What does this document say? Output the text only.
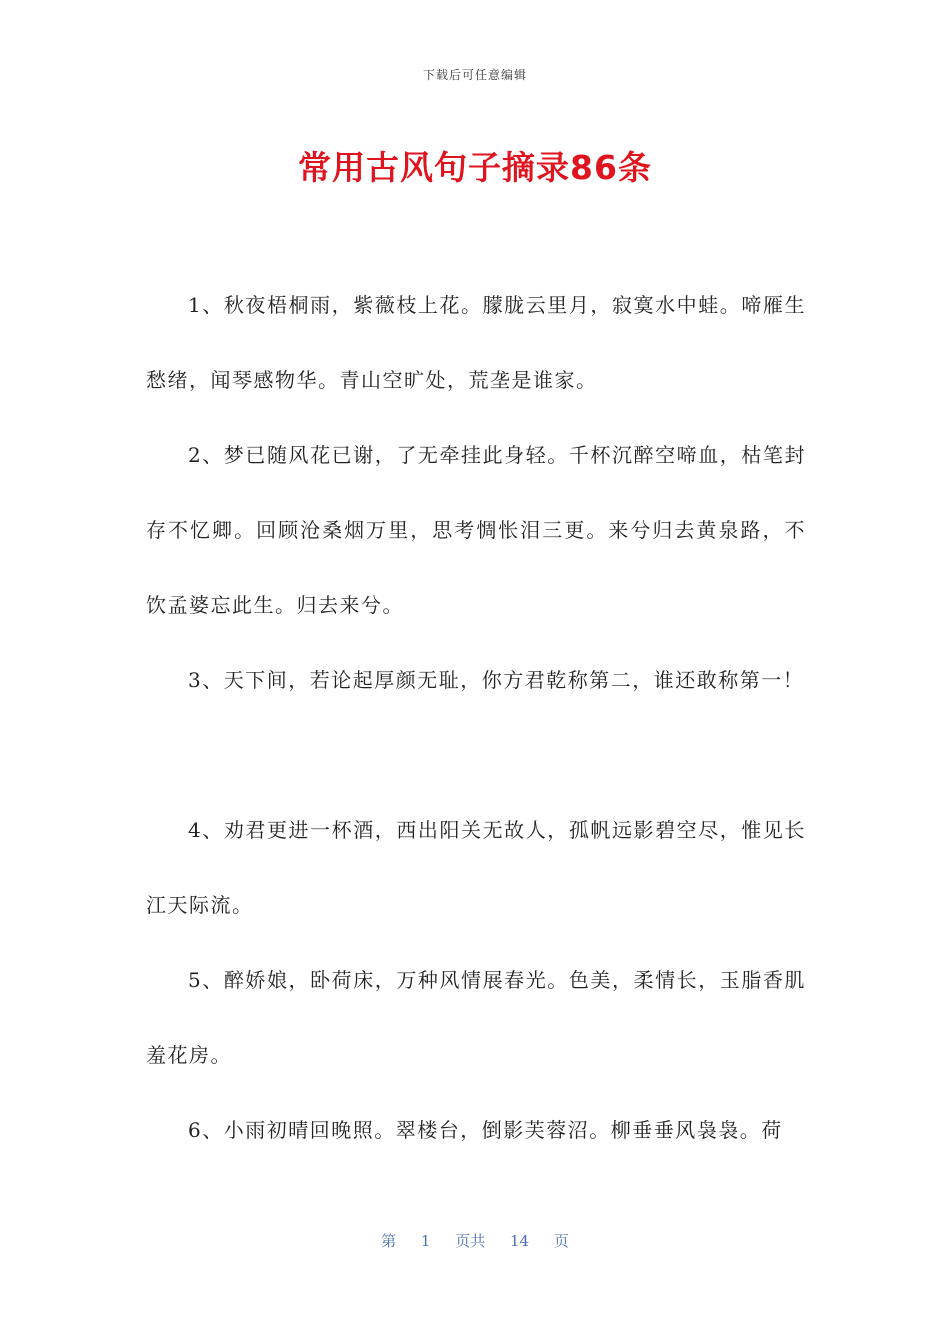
下载后可任意编辑
常用古风句子摘录86条

1、秋夜梧桐雨，紫薇枝上花。朦胧云里月，寂寞水中蛙。啼雁生愁绪，闻琴感物华。青山空旷处，荒垄是谁家。

2、梦已随风花已谢，了无牵挂此身轻。千杯沉醉空啼血，枯笔封存不忆卿。回顾沧桑烟万里，思考惆怅泪三更。来兮归去黄泉路，不饮孟婆忘此生。归去来兮。

3、天下间，若论起厚颜无耻，你方君乾称第二，谁还敢称第一！

4、劝君更进一杯酒，西出阳关无故人，孤帆远影碧空尽，惟见长江天际流。

5、醉娇娘，卧荷床，万种风情展春光。色美，柔情长，玉脂香肌羞花房。

6、小雨初晴回晚照。翠楼台，倒影芙蓉沼。柳垂垂风袅袅。荷

第 1 页共 14 页
